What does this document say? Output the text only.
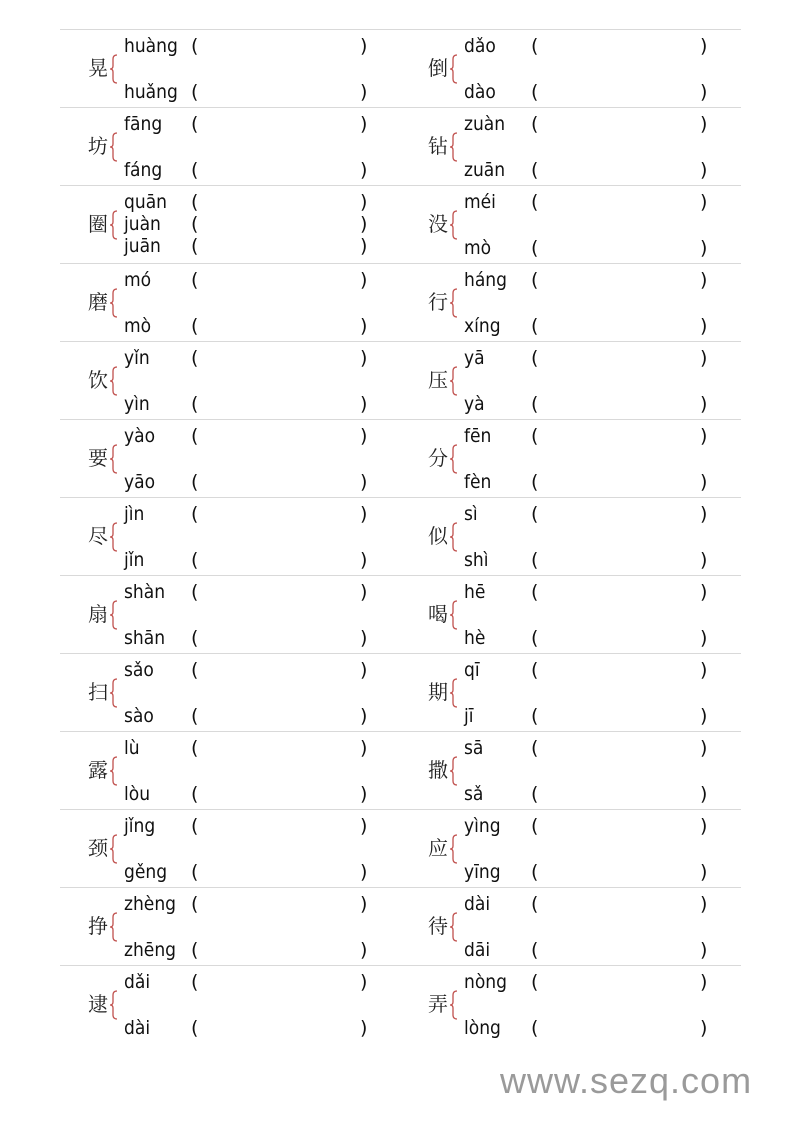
晃
huàng (	)
huǎng (	)
倒
dǎo (	)
dào (	)
坊
fāng (	)
fáng (	)
钻
zuàn (	)
zuān (	)
圈
quān (	)
juàn (	)
juān (	)
没
méi (	)
mò (	)
磨
mó (	)
mò (	)
行
háng (	)
xíng (	)
饮
yǐn (	)
yìn (	)
压
yā (	)
yà (	)
要
yào (	)
yāo (	)
分
fēn (	)
fèn (	)
尽
jìn (	)
jǐn (	)
似
sì	(	)
shì (	)
扇
shàn (	)
shān (	)
喝
hē (	)
hè (	)
扫
sǎo (	)
sào (	)
期
qī	(	)
jī	(	)
露
lù	(	)
lòu (	)
撒
sā	(	)
sǎ	(	)
颈
jǐng (	)
gěng (	)
应
yìng (	)
yīng (	)
挣
zhèng (	)
zhēng (	)
待
dài (	)
dāi (	)
逮
dǎi (	)
dài (	)
弄
nòng (	)
lòng (	)
www.sezq.com
